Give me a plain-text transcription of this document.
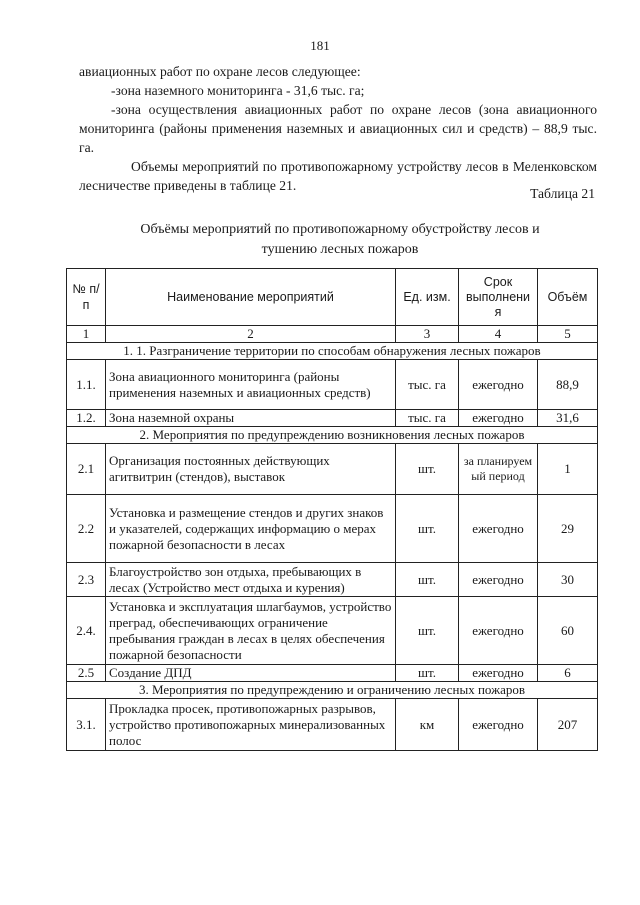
181

авиационных работ по охране лесов следующее:

-зона наземного мониторинга - 31,6 тыс. га;

-зона осуществления авиационных работ по охране лесов (зона авиационного мониторинга (районы применения наземных и авиационных сил и средств) – 88,9 тыс. га.

Объемы мероприятий по противопожарному устройству лесов в Меленковском лесничестве приведены в таблице 21.

Таблица 21
Объёмы мероприятий по противопожарному обустройству лесов и
тушению лесных пожаров
№ п/п	Наименование мероприятий	Ед. изм.	Срок выполнени я	Объём
1	2	3	4	5
1. 1. Разграничение территории по способам обнаружения лесных пожаров				
1.1.	Зона авиационного мониторинга (районы применения наземных и авиационных средств)	тыс. га	ежегодно	88,9
1.2.	Зона наземной охраны	тыс. га	ежегодно	31,6
2. Мероприятия по предупреждению возникновения лесных пожаров				
2.1	Организация постоянных действующих агитвитрин (стендов), выставок	шт.	за планируем ый период	1
2.2	Установка и размещение стендов и других знаков и указателей, содержащих информацию о мерах пожарной безопасности в лесах	шт.	ежегодно	29
2.3	Благоустройство зон отдыха, пребывающих в лесах (Устройство мест отдыха и курения)	шт.	ежегодно	30
2.4.	Установка и эксплуатация шлагбаумов, устройство преград, обеспечивающих ограничение пребывания граждан в лесах в целях обеспечения пожарной безопасности	шт.	ежегодно	60
2.5	Создание ДПД	шт.	ежегодно	6
3. Мероприятия по предупреждению и ограничению лесных пожаров				
3.1.	Прокладка просек, противопожарных разрывов, устройство противопожарных минерализованных полос	км	ежегодно	207
